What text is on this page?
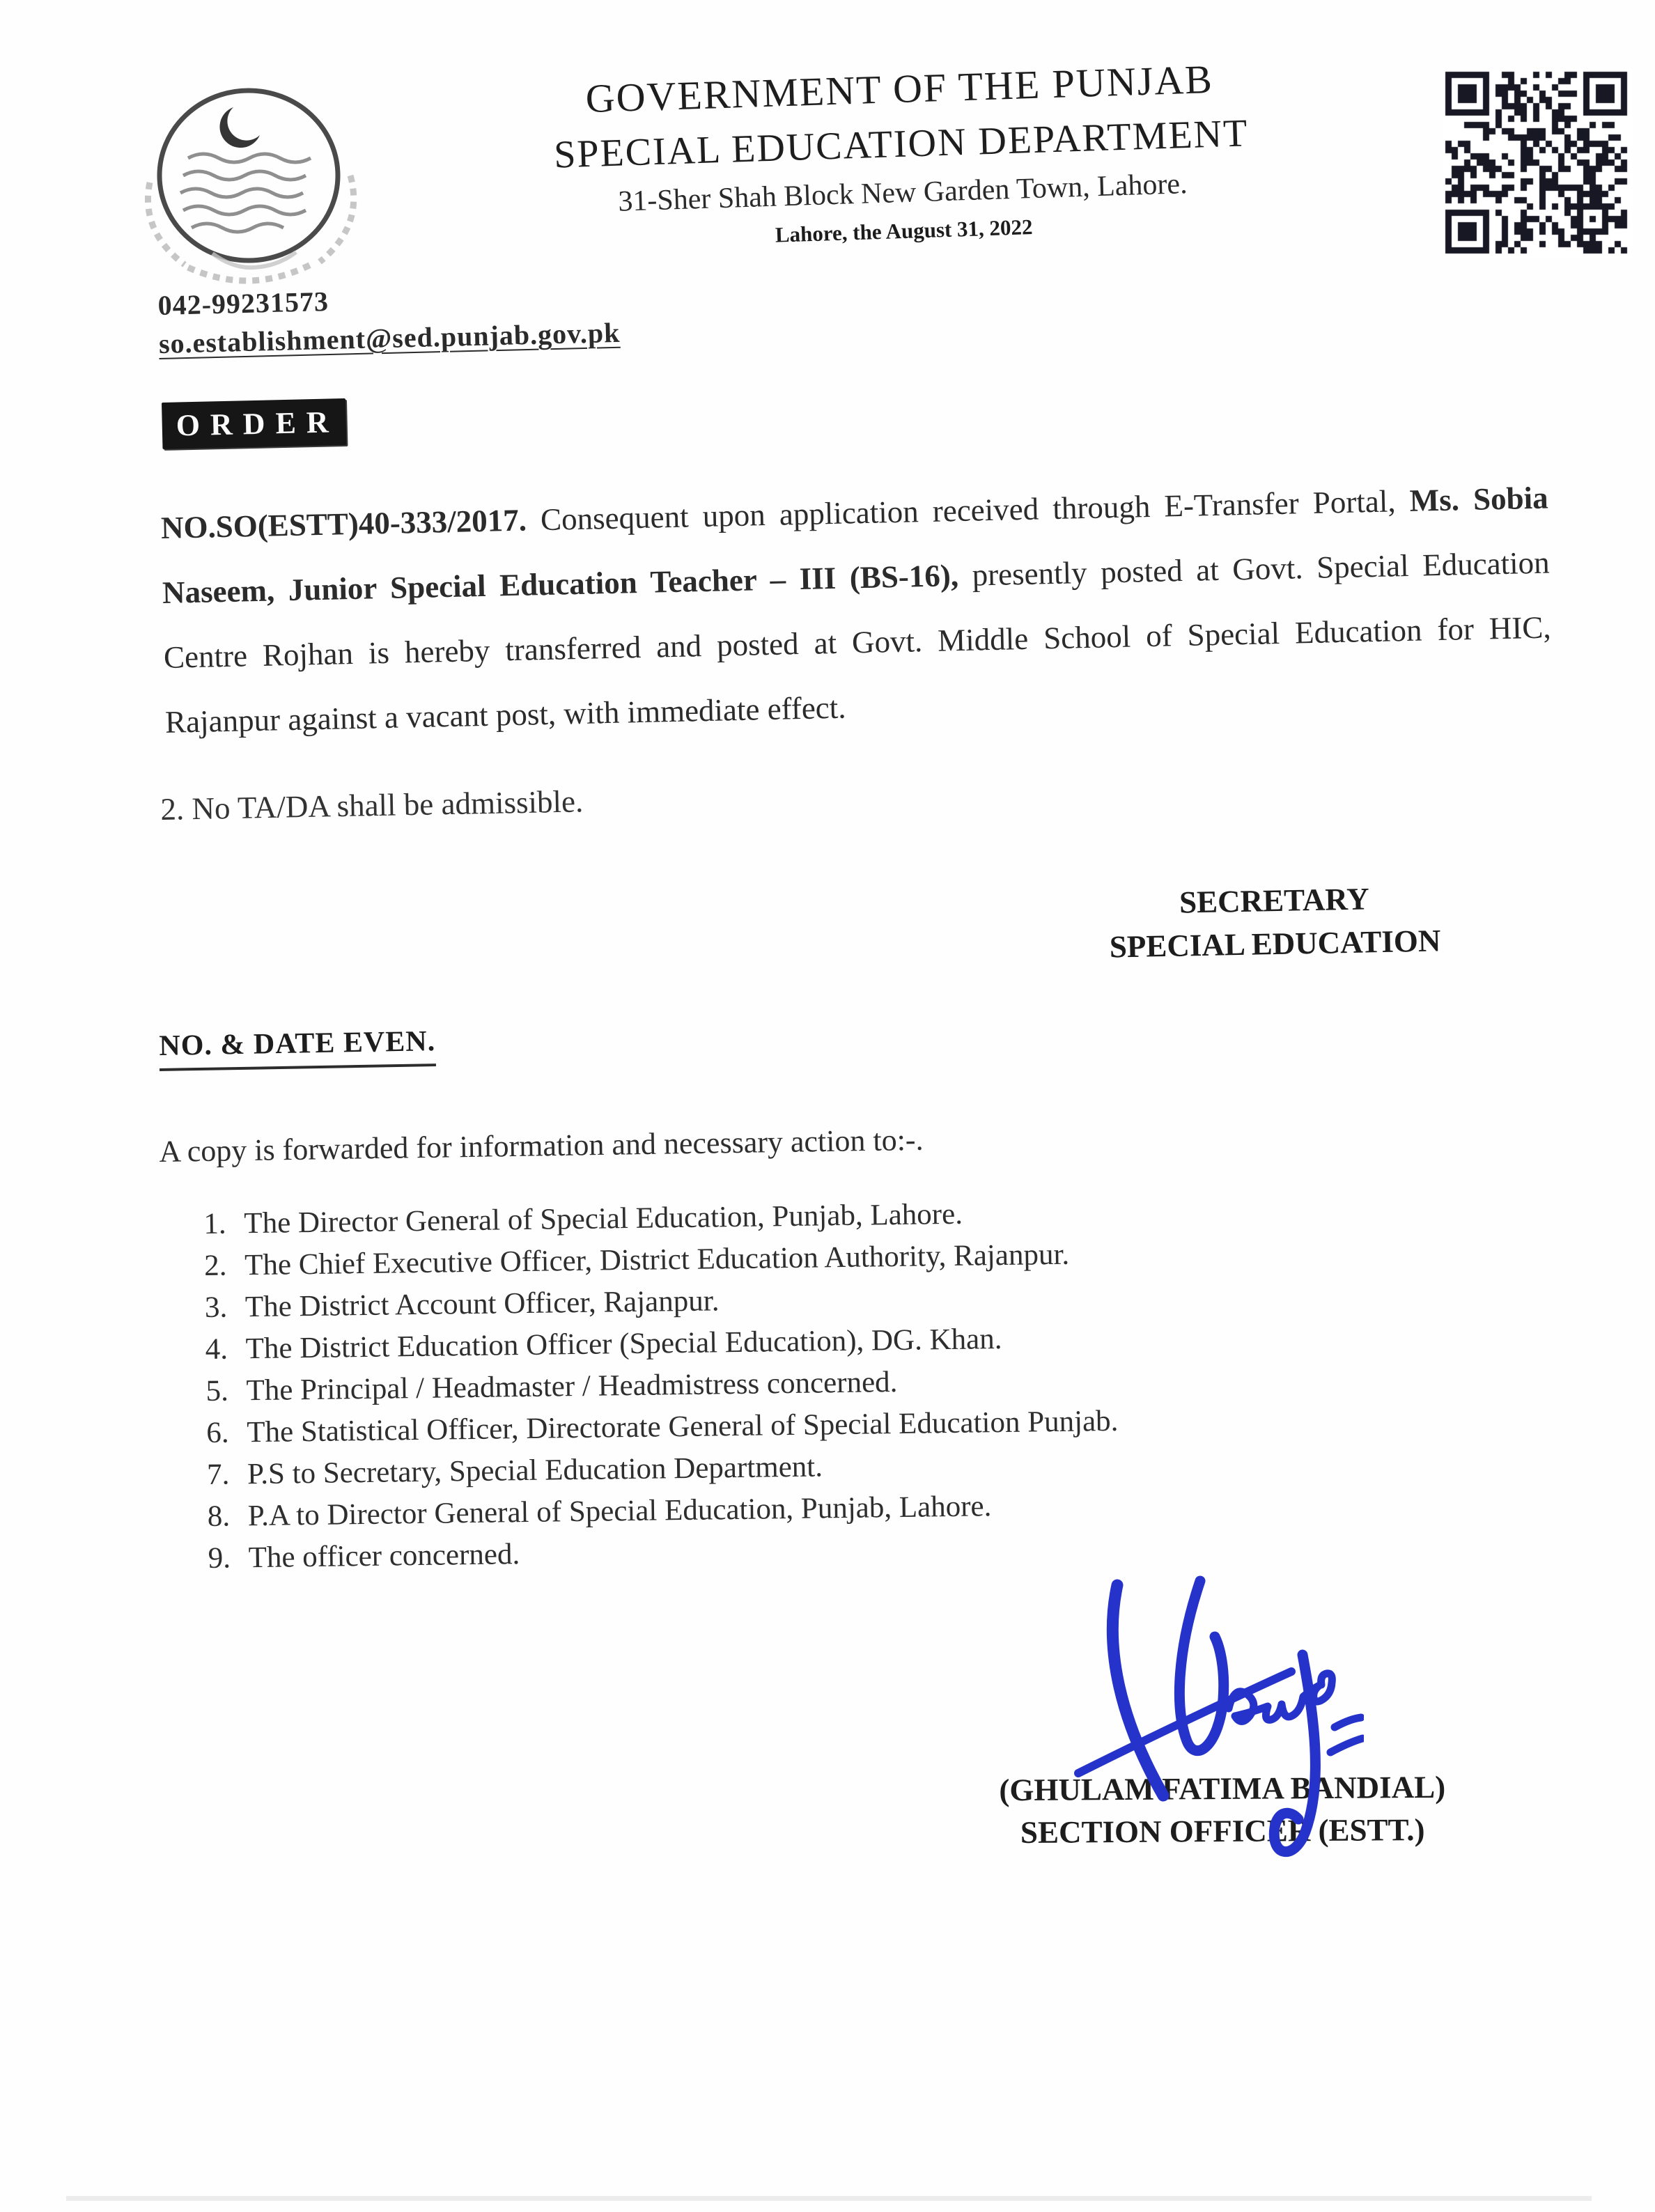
GOVERNMENT OF THE PUNJAB
SPECIAL EDUCATION DEPARTMENT
31-Sher Shah Block New Garden Town, Lahore.
Lahore, the August 31, 2022
042-99231573
so.establishment@sed.punjab.gov.pk
ORDER
NO.SO(ESTT)40-333/2017. Consequent upon application received through E-Transfer Portal, Ms. Sobia Naseem, Junior Special Education Teacher – III (BS-16), presently posted at Govt. Special Education Centre Rojhan is hereby transferred and posted at Govt. Middle School of Special Education for HIC, Rajanpur against a vacant post, with immediate effect.
2. No TA/DA shall be admissible.
SECRETARY
SPECIAL EDUCATION
NO. & DATE EVEN.
A copy is forwarded for information and necessary action to:-.
1. The Director General of Special Education, Punjab, Lahore.
2. The Chief Executive Officer, District Education Authority, Rajanpur.
3. The District Account Officer, Rajanpur.
4. The District Education Officer (Special Education), DG. Khan.
5. The Principal / Headmaster / Headmistress concerned.
6. The Statistical Officer, Directorate General of Special Education Punjab.
7. P.S to Secretary, Special Education Department.
8. P.A to Director General of Special Education, Punjab, Lahore.
9. The officer concerned.
(GHULAM FATIMA BANDIAL)
SECTION OFFICER (ESTT.)
